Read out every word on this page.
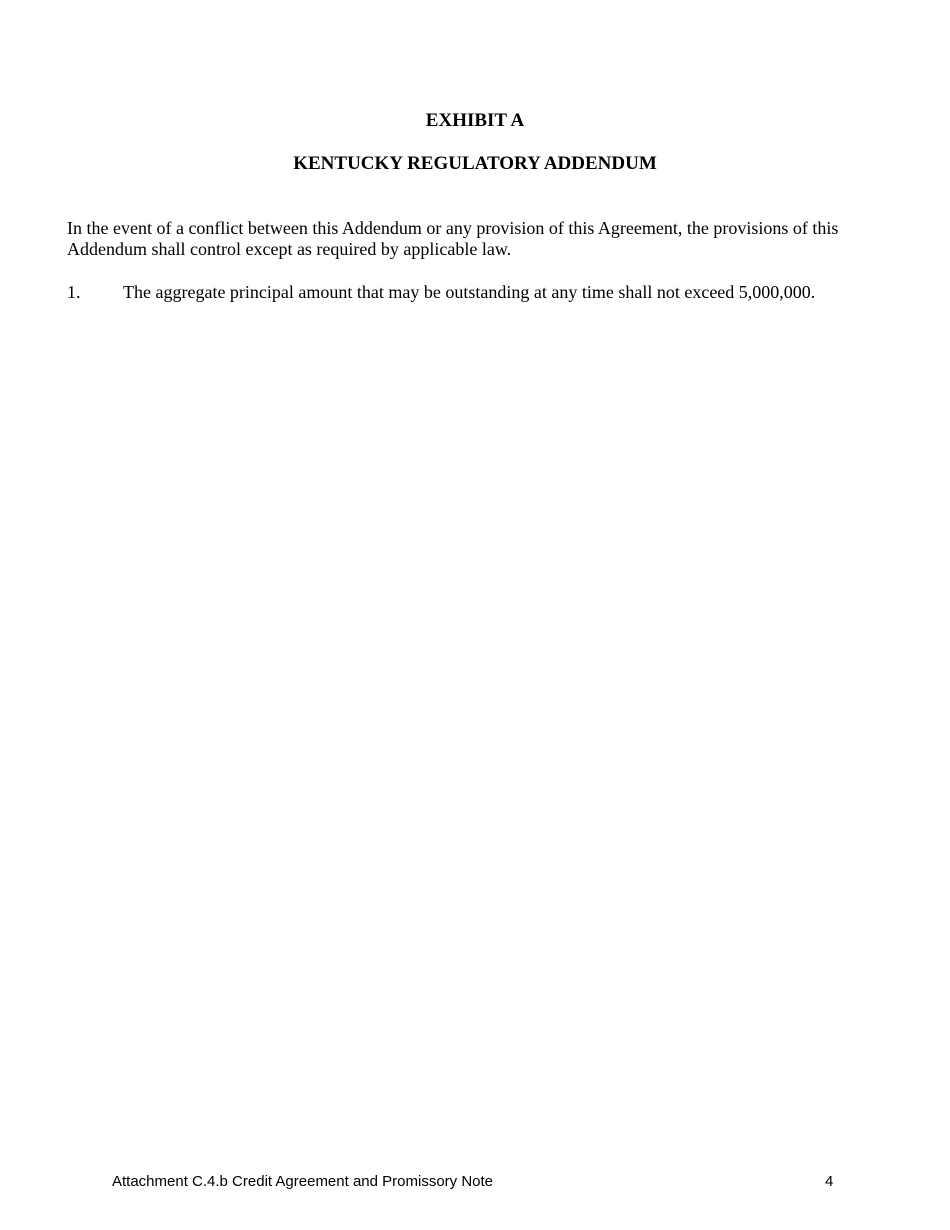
EXHIBIT A
KENTUCKY REGULATORY ADDENDUM

In the event of a conflict between this Addendum or any provision of this Agreement, the provisions of this Addendum shall control except as required by applicable law.

1. The aggregate principal amount that may be outstanding at any time shall not exceed 5,000,000.
Attachment C.4.b Credit Agreement and Promissory Note	4
